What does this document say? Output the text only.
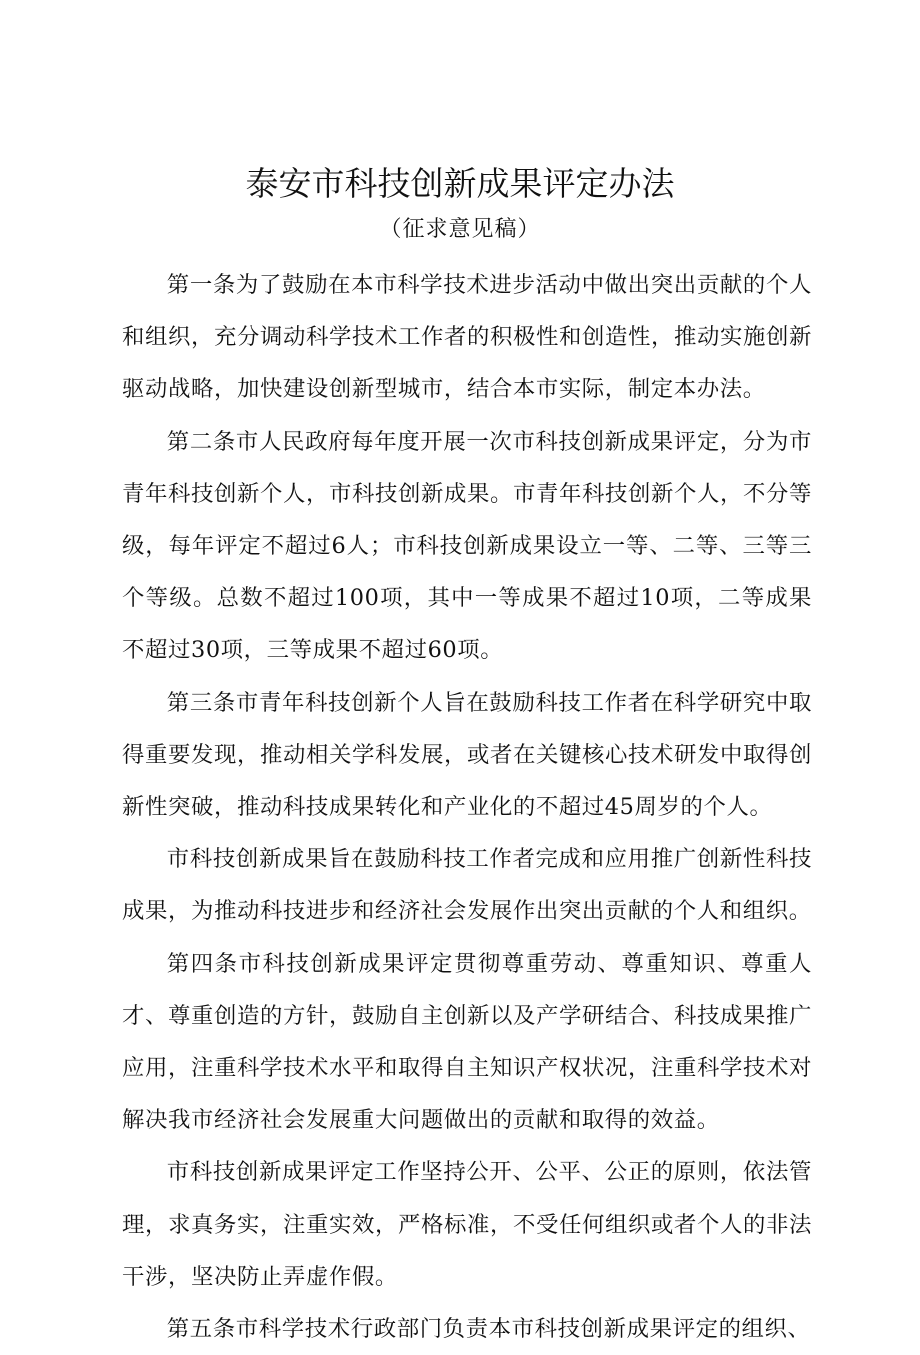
泰安市科技创新成果评定办法
（征求意见稿）

第一条为了鼓励在本市科学技术进步活动中做出突出贡献的个人和组织，充分调动科学技术工作者的积极性和创造性，推动实施创新驱动战略，加快建设创新型城市，结合本市实际，制定本办法。

第二条市人民政府每年度开展一次市科技创新成果评定，分为市青年科技创新个人，市科技创新成果。市青年科技创新个人，不分等级，每年评定不超过6人；市科技创新成果设立一等、二等、三等三个等级。总数不超过100项，其中一等成果不超过10项，二等成果不超过30项，三等成果不超过60项。

第三条市青年科技创新个人旨在鼓励科技工作者在科学研究中取得重要发现，推动相关学科发展，或者在关键核心技术研发中取得创新性突破，推动科技成果转化和产业化的不超过45周岁的个人。

市科技创新成果旨在鼓励科技工作者完成和应用推广创新性科技成果，为推动科技进步和经济社会发展作出突出贡献的个人和组织。

第四条市科技创新成果评定贯彻尊重劳动、尊重知识、尊重人才、尊重创造的方针，鼓励自主创新以及产学研结合、科技成果推广应用，注重科学技术水平和取得自主知识产权状况，注重科学技术对解决我市经济社会发展重大问题做出的贡献和取得的效益。

市科技创新成果评定工作坚持公开、公平、公正的原则，依法管理，求真务实，注重实效，严格标准，不受任何组织或者个人的非法干涉，坚决防止弄虚作假。

第五条市科学技术行政部门负责本市科技创新成果评定的组织、
